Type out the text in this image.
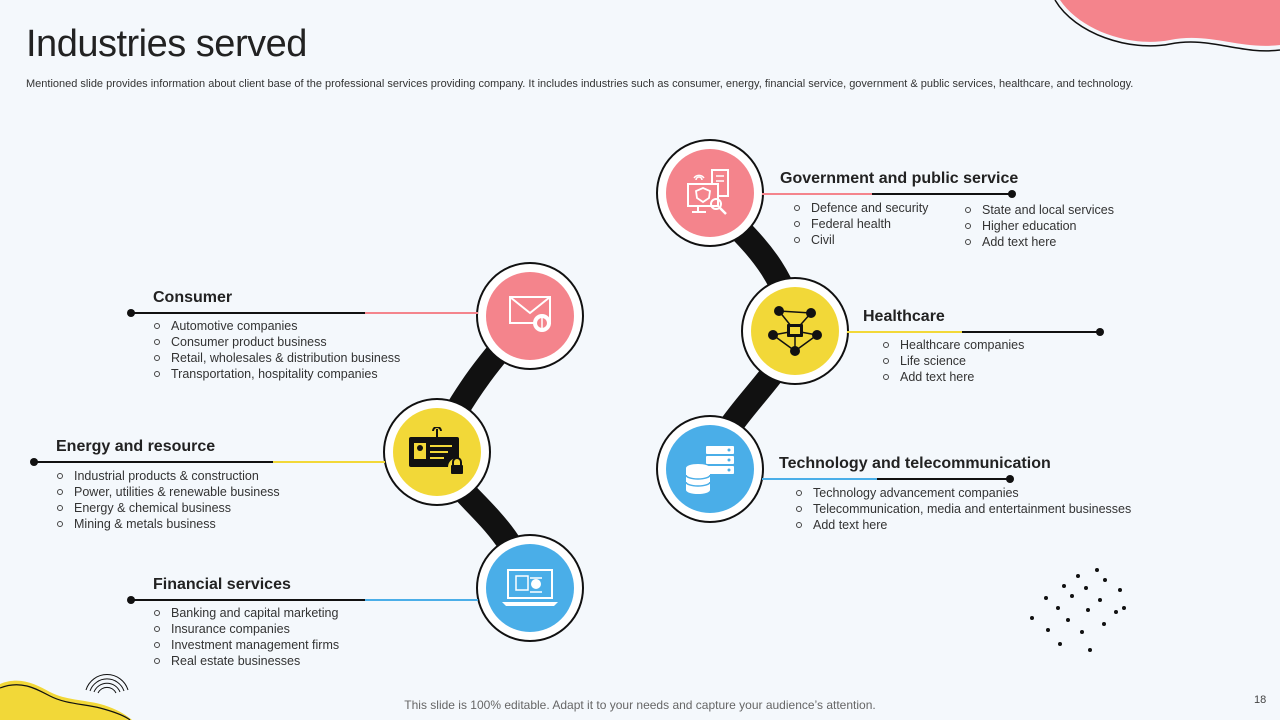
Industries served
Mentioned slide provides information about client base of the professional services providing company. It includes industries such as consumer, energy, financial service, government & public services, healthcare, and technology.
Consumer
Automotive companies
Consumer product business
Retail, wholesales & distribution business
Transportation, hospitality companies
Energy and resource
Industrial products & construction
Power, utilities & renewable business
Energy & chemical business
Mining & metals business
Financial services
Banking and capital marketing
Insurance companies
Investment management firms
Real estate businesses
Government and public service
Defence and security
Federal health
Civil
State and local services
Higher education
Add text here
Healthcare
Healthcare companies
Life science
Add text here
Technology and telecommunication
Technology advancement companies
Telecommunication, media and entertainment businesses
Add text here
This slide is 100% editable. Adapt it to your needs and capture your audience’s attention.	18
